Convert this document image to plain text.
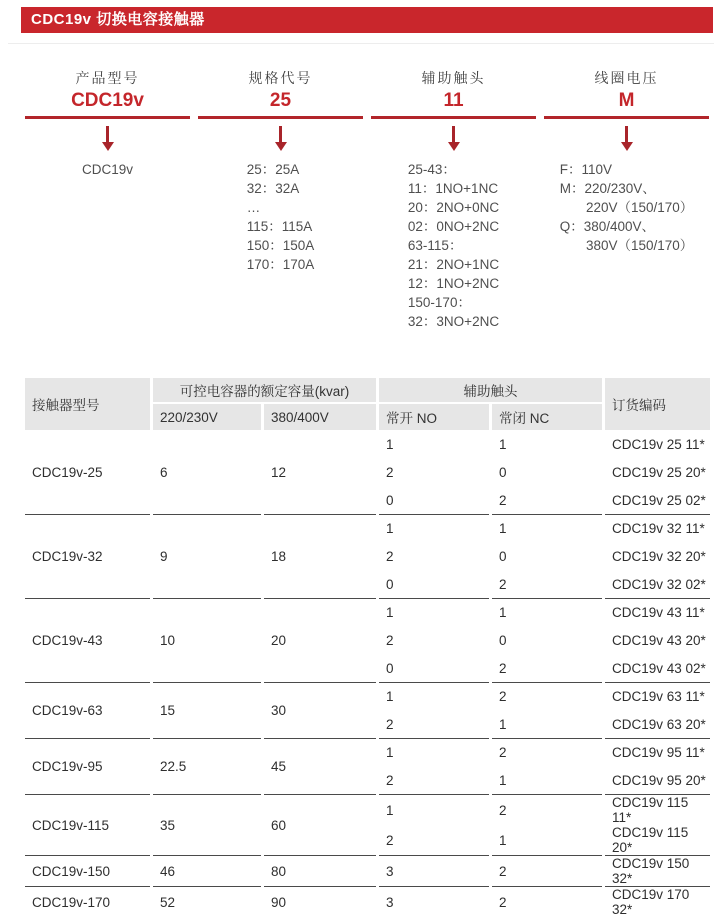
CDC19v 切换电容接触器
产品型号
CDC19v
CDC19v
规格代号
25
25：25A
32：32A
…
115：115A
150：150A
170：170A
辅助触头
11
25-43：
11：1NO+1NC
20：2NO+0NC
02：0NO+2NC
63-115：
21：2NO+1NC
12：1NO+2NC
150-170：
32：3NO+2NC
线圈电压
M
F：110V
M：220/230V、
220V（150/170）
Q：380/400V、
380V（150/170）
接触器型号	可控电容器的额定容量(kvar)		辅助触头		订货编码
	220/230V	380/400V	常开 NO	常闭 NC	
CDC19v-25	6	12	1	1	CDC19v 25 11*
			2	0	CDC19v 25 20*
			0	2	CDC19v 25 02*
CDC19v-32	9	18	1	1	CDC19v 32 11*
			2	0	CDC19v 32 20*
			0	2	CDC19v 32 02*
CDC19v-43	10	20	1	1	CDC19v 43 11*
			2	0	CDC19v 43 20*
			0	2	CDC19v 43 02*
CDC19v-63	15	30	1	2	CDC19v 63 11*
			2	1	CDC19v 63 20*
CDC19v-95	22.5	45	1	2	CDC19v 95 11*
			2	1	CDC19v 95 20*
CDC19v-115	35	60	1	2	CDC19v 115 11*
			2	1	CDC19v 115 20*
CDC19v-150	46	80	3	2	CDC19v 150 32*
CDC19v-170	52	90	3	2	CDC19v 170 32*
